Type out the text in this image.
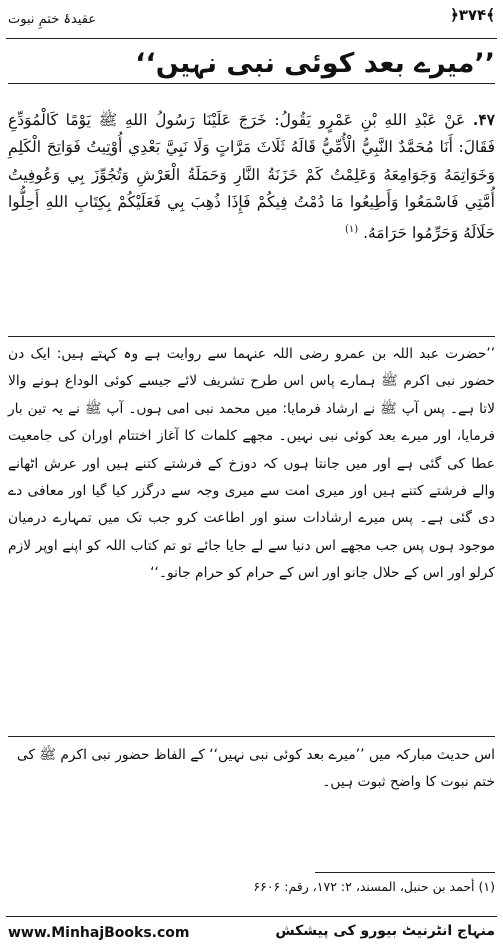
عقیدۂ ختمِ نبوت	﴿۳۷۴﴾
’’میرے بعد کوئی نبی نہیں‘‘
۴۷. عَنْ عَبْدِ اللهِ بْنِ عَمْرٍو يَقُولُ: خَرَجَ عَلَيْنَا رَسُولُ اللهِ ﷺ يَوْمًا كَالْمُوَدِّعِ فَقَالَ: أَنَا مُحَمَّدٌ النَّبِيُّ الْأُمِّيُّ قَالَهُ ثَلَاثَ مَرَّاتٍ وَلَا نَبِيَّ بَعْدِي أُوْتِيتُ فَوَاتِحَ الْكَلِمِ وَخَوَاتِمَهُ وَجَوَامِعَهُ وَعَلِمْتُ كَمْ خَزَنَةُ النَّارِ وَحَمَلَةُ الْعَرْشِ وَتُجُوِّزَ بِي وَعُوفِيتُ أُمَّتِي فَاسْمَعُوا وَأَطِيعُوا مَا دُمْتُ فِيكُمْ فَإِذَا ذُهِبَ بِي فَعَلَيْكُمْ بِكِتَابِ اللهِ أَحِلُّوا حَلَالَهُ وَحَرِّمُوا حَرَامَهُ. $^{(۱)}$
’’حضرت عبد اللہ بن عمرو رضی اللہ عنہما سے روایت ہے وہ کہتے ہیں: ایک دن حضور نبی اکرم ﷺ ہمارے پاس اس طرح تشریف لائے جیسے کوئی الوداع ہونے والا لاتا ہے۔ پس آپ ﷺ نے ارشاد فرمایا: میں محمد نبی امی ہوں۔ آپ ﷺ نے یہ تین بار فرمایا، اور میرے بعد کوئی نبی نہیں۔ مجھے کلمات کا آغاز اختتام اوران کی جامعیت عطا کی گئی ہے اور میں جانتا ہوں کہ دوزخ کے فرشتے کتنے ہیں اور عرش اٹھانے والے فرشتے کتنے ہیں اور میری امت سے میری وجہ سے درگزر کیا گیا اور معافی دے دی گئی ہے۔ پس میرے ارشادات سنو اور اطاعت کرو جب تک میں تمہارے درمیان موجود ہوں پس جب مجھے اس دنیا سے لے جایا جائے تو تم کتاب اللہ کو اپنے اوپر لازم کرلو اور اس کے حلال جانو اور اس کے حرام کو حرام جانو۔‘‘
اس حدیث مبارکہ میں ’’میرے بعد کوئی نبی نہیں‘‘ کے الفاظ حضور نبی اکرم ﷺ کی ختم نبوت کا واضح ثبوت ہیں۔
(۱) أحمد بن حنبل، المسند، ۲: ۱۷۲، رقم: ۶۶۰۶
www.MinhajBooks.com	منہاج انٹرنیٹ بیورو کی پیشکش
